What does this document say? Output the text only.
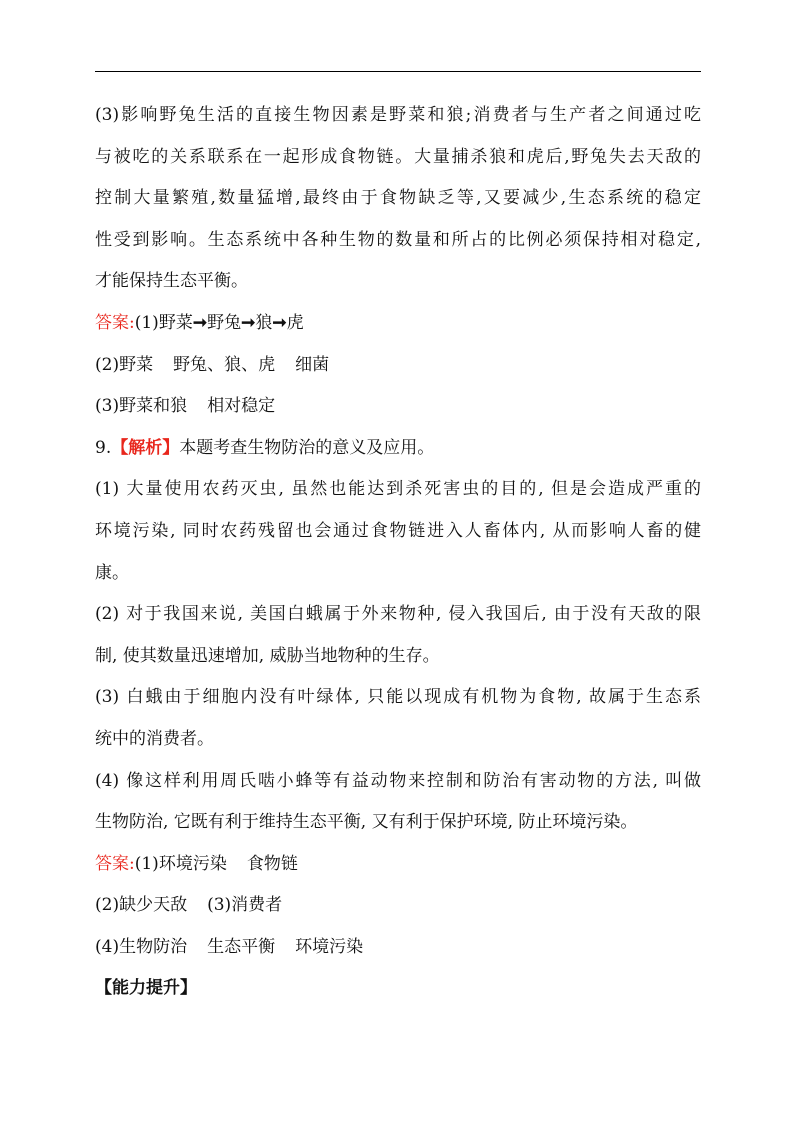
(3)影响野兔生活的直接生物因素是野菜和狼;消费者与生产者之间通过吃
与被吃的关系联系在一起形成食物链。大量捕杀狼和虎后,野兔失去天敌的
控制大量繁殖,数量猛增,最终由于食物缺乏等,又要减少,生态系统的稳定
性受到影响。生态系统中各种生物的数量和所占的比例必须保持相对稳定,
才能保持生态平衡。
答案:(1)野菜➞野兔➞狼➞虎
(2)野菜 野兔、狼、虎 细菌
(3)野菜和狼 相对稳定
9.【解析】本题考查生物防治的意义及应用。
(1) 大量使用农药灭虫, 虽然也能达到杀死害虫的目的, 但是会造成严重的
环境污染, 同时农药残留也会通过食物链进入人畜体内, 从而影响人畜的健
康。
(2) 对于我国来说, 美国白蛾属于外来物种, 侵入我国后, 由于没有天敌的限
制, 使其数量迅速增加, 威胁当地物种的生存。
(3) 白蛾由于细胞内没有叶绿体, 只能以现成有机物为食物, 故属于生态系
统中的消费者。
(4) 像这样利用周氏啮小蜂等有益动物来控制和防治有害动物的方法, 叫做
生物防治, 它既有利于维持生态平衡, 又有利于保护环境, 防止环境污染。
答案:(1)环境污染 食物链
(2)缺少天敌 (3)消费者
(4)生物防治 生态平衡 环境污染
【能力提升】
